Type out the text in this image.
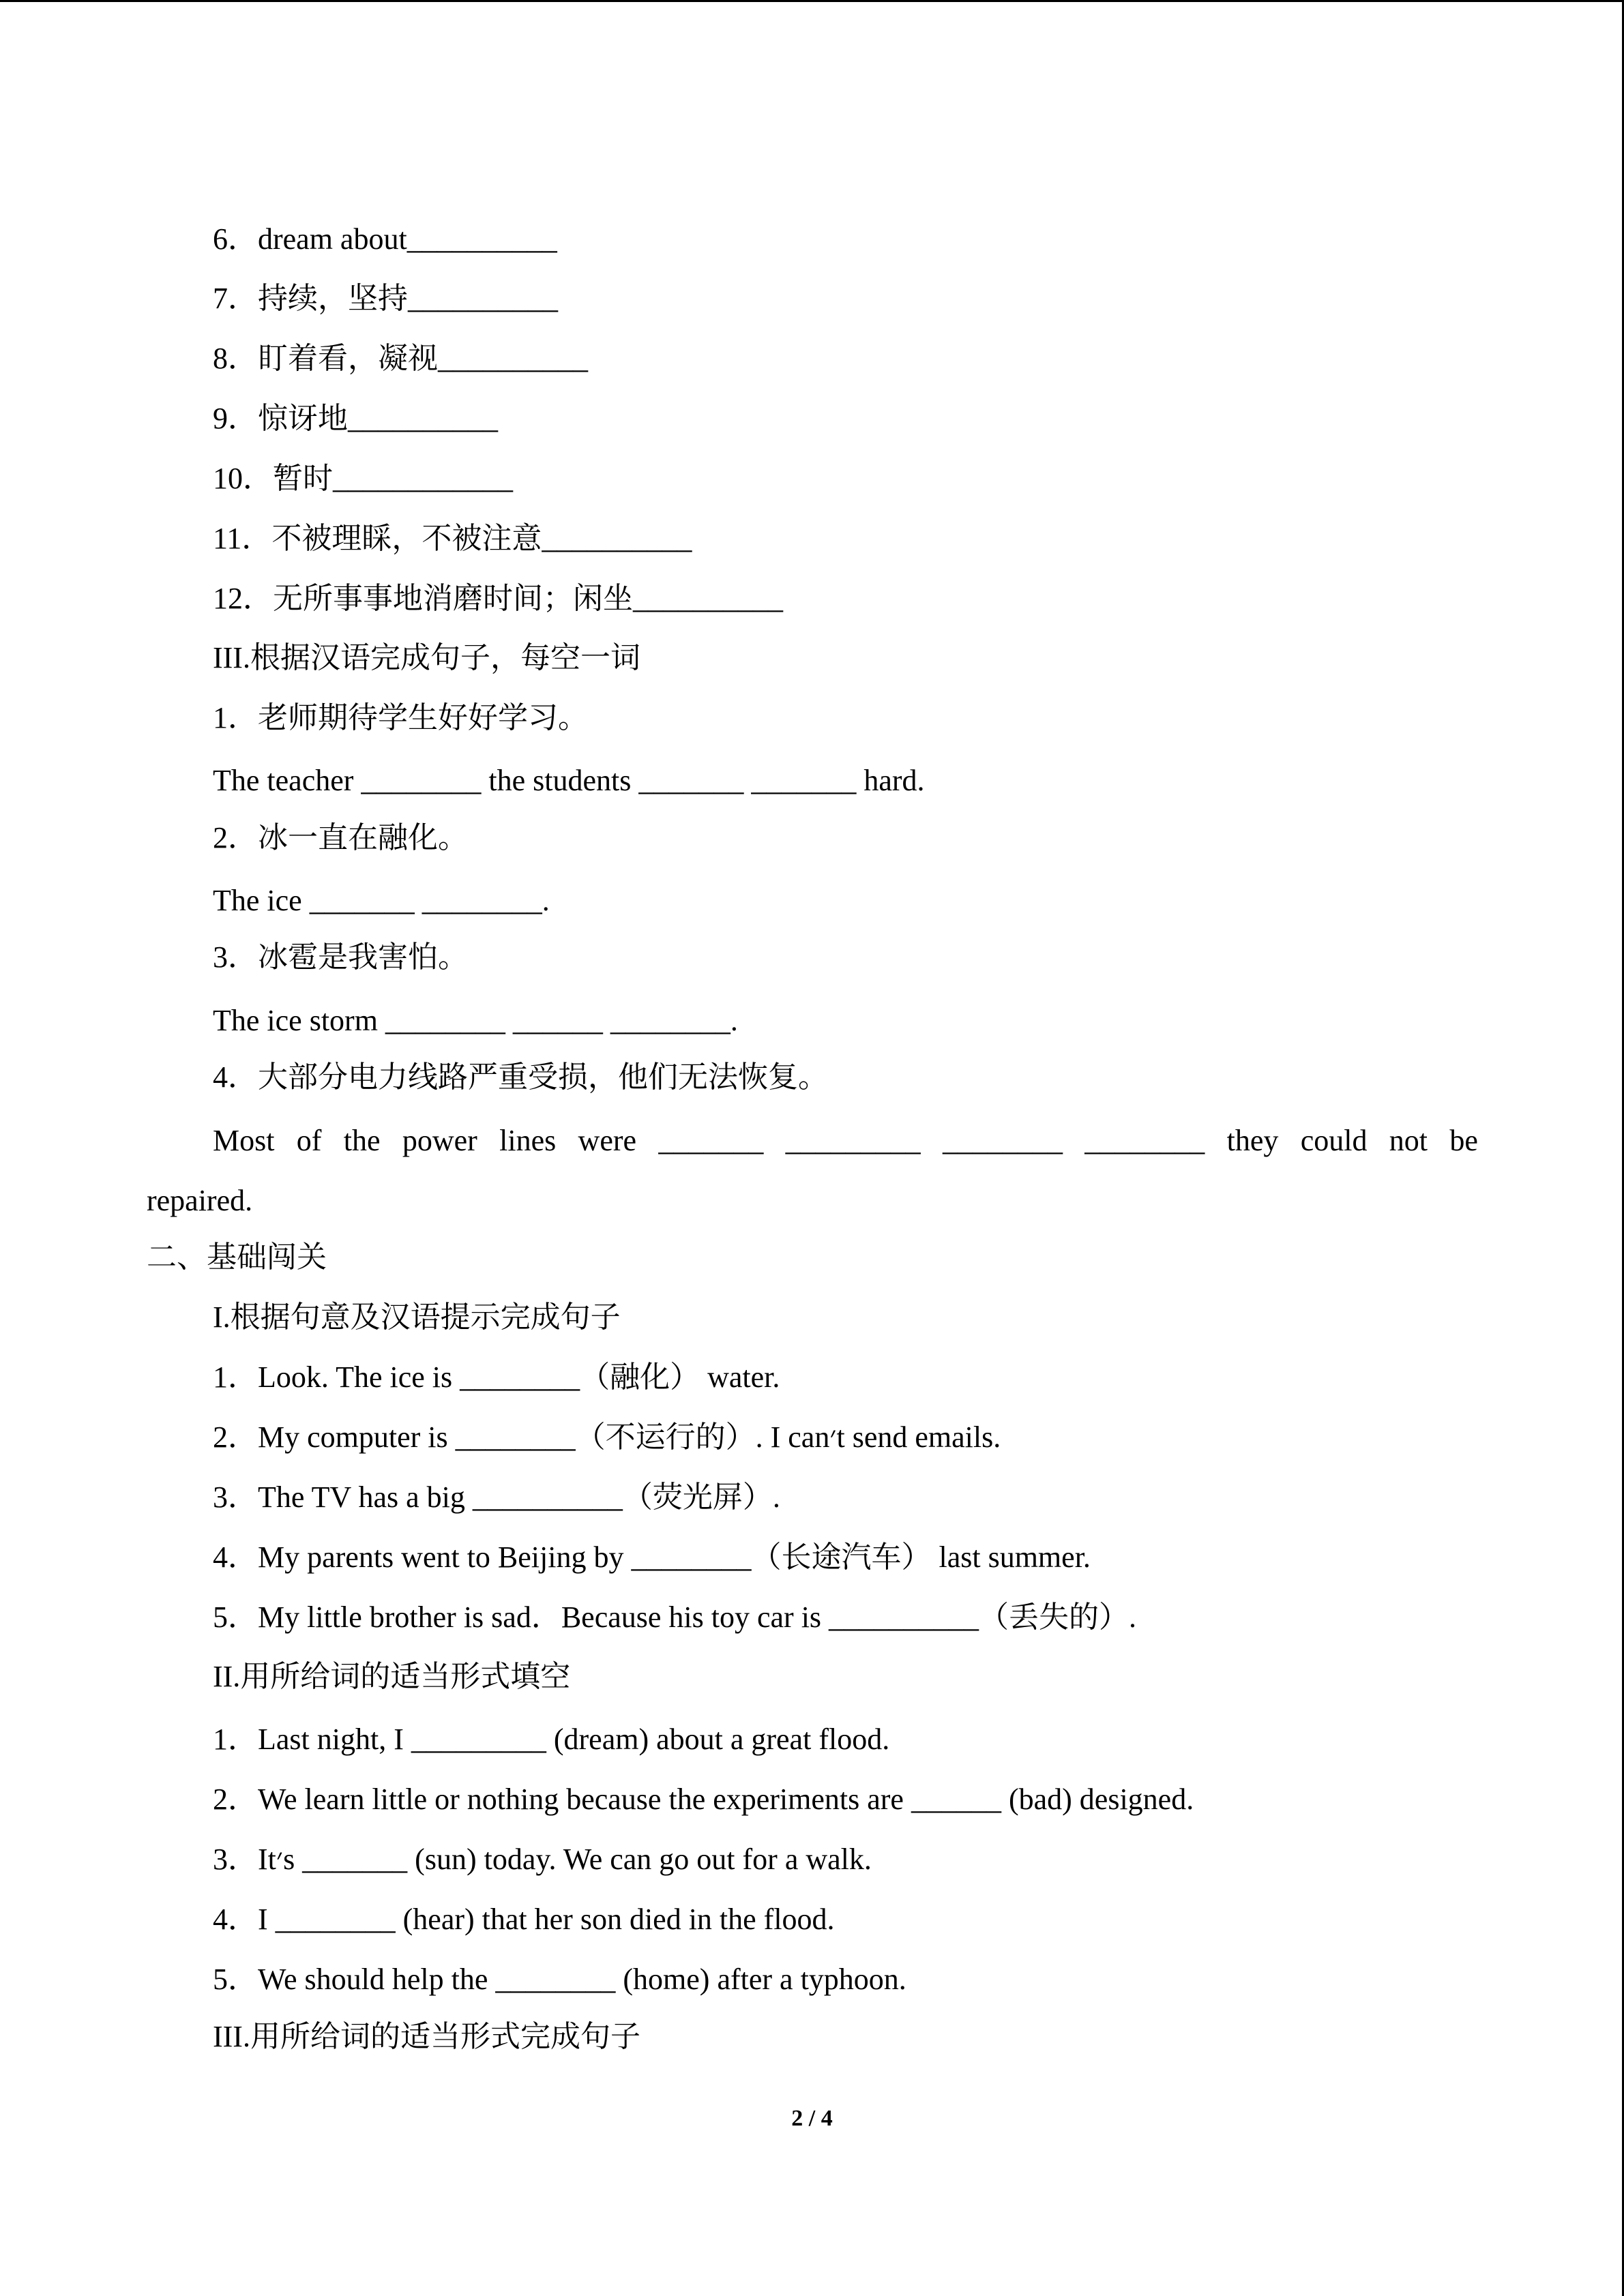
6．dream about__________
7．持续，坚持__________
8．盯着看，凝视__________
9．惊讶地__________
10．暂时____________
11．不被理睬，不被注意__________
12．无所事事地消磨时间；闲坐__________
III.根据汉语完成句子，每空一词
1．老师期待学生好好学习。
The teacher ________ the students _______ _______ hard.
2．冰一直在融化。
The ice _______ ________.
3．冰雹是我害怕。
The ice storm ________ ______ ________.
4．大部分电力线路严重受损，他们无法恢复。
Most of the power lines were _______ _________ ________ ________ they could not be
repaired.
二、基础闯关
I.根据句意及汉语提示完成句子
1．Look. The ice is ________（融化） water.
2．My computer is ________（不运行的）. I can׳t send emails.
3．The TV has a big __________（荧光屏）.
4．My parents went to Beijing by ________（长途汽车） last summer.
5．My little brother is sad．Because his toy car is __________（丢失的）.
II.用所给词的适当形式填空
1．Last night, I _________ (dream) about a great flood.
2．We learn little or nothing because the experiments are ______ (bad) designed.
3．It׳s _______ (sun) today. We can go out for a walk.
4．I ________ (hear) that her son died in the flood.
5．We should help the ________ (home) after a typhoon.
III.用所给词的适当形式完成句子
2 / 4
